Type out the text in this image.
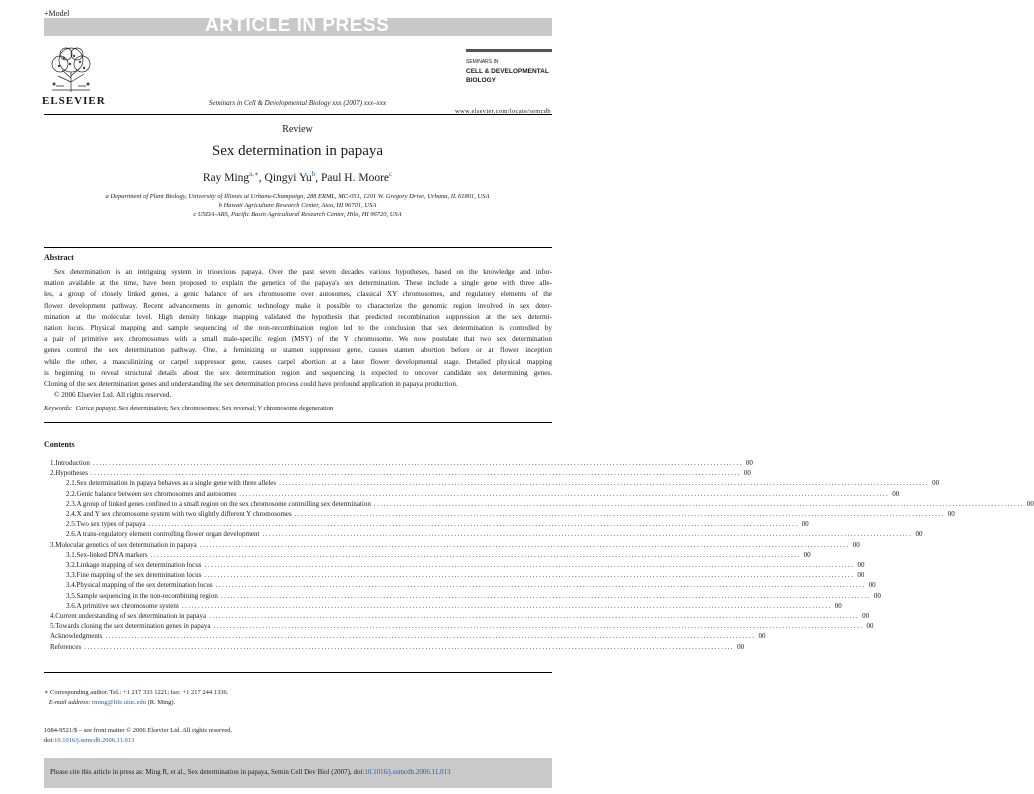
+Model

ARTICLE IN PRESS
ELSEVIER	Seminars in Cell & Developmental Biology xxx (2007) xxx–xxx
SEMINARS IN
CELL & DEVELOPMENTAL
BIOLOGY
www.elsevier.com/locate/semcdb
Review
Sex determination in papaya
Ray Ming$^{a,∗}$, Qingyi Yu$^b$, Paul H. Moore$^c$
a Department of Plant Biology, University of Illinois at Urbana-Champaign, 288 ERML, MC-051, 1201 W. Gregory Drive, Urbana, IL 61801, USA
b Hawaii Agriculture Research Center, Aiea, HI 96701, USA
c USDA-ARS, Pacific Basin Agricultural Research Center, Hilo, HI 96720, USA
Abstract
Sex determination is an intriguing system in trioecious papaya. Over the past seven decades various hypotheses, based on the knowledge and infor-
mation available at the time, have been proposed to explain the genetics of the papaya's sex determination. These include a single gene with three alle-
les, a group of closely linked genes, a genic balance of sex chromosome over autosomes, classical XY chromosomes, and regulatory elements of the
flower development pathway. Recent advancements in genomic technology make it possible to characterize the genomic region involved in sex deter-
mination at the molecular level. High density linkage mapping validated the hypothesis that predicted recombination suppression at the sex determi-
nation locus. Physical mapping and sample sequencing of the non-recombination region led to the conclusion that sex determination is controlled by
a pair of primitive sex chromosomes with a small male-specific region (MSY) of the Y chromosome. We now postulate that two sex determination
genes control the sex determination pathway. One, a feminizing or stamen suppressor gene, causes stamen abortion before or at flower inception
while the other, a masculinizing or carpel suppressor gene, causes carpel abortion at a later flower developmental stage. Detailed physical mapping
is beginning to reveal structural details about the sex determination region and sequencing is expected to uncover candidate sex determining genes.
Cloning of the sex determination genes and understanding the sex determination process could have profound application in papaya production.
© 2006 Elsevier Ltd. All rights reserved.
Keywords: Carica papaya; Sex determination; Sex chromosomes; Sex reversal; Y chromosome degeneration
Contents
1. Introduction ........................................................................................................................................................................................................ 00
2. Hypotheses ........................................................................................................................................................................................................ 00
2.1. Sex determination in papaya behaves as a single gene with three alleles ........................................................................................................................................................................................................ 00
2.2. Genic balance between sex chromosomes and autosomes ........................................................................................................................................................................................................ 00
2.3. A group of linked genes confined to a small region on the sex chromosome controlling sex determination ........................................................................................................................................................................................................ 00
2.4. X and Y sex chromosome system with two slightly different Y chromosomes ........................................................................................................................................................................................................ 00
2.5. Two sex types of papaya ........................................................................................................................................................................................................ 00
2.6. A trans-regulatory element controlling flower organ development ........................................................................................................................................................................................................ 00
3. Molecular genetics of sex determination in papaya ........................................................................................................................................................................................................ 00
3.1. Sex-linked DNA markers ........................................................................................................................................................................................................ 00
3.2. Linkage mapping of sex determination locus ........................................................................................................................................................................................................ 00
3.3. Fine mapping of the sex determination locus ........................................................................................................................................................................................................ 00
3.4. Physical mapping of the sex determination locus ........................................................................................................................................................................................................ 00
3.5. Sample sequencing in the non-recombining region ........................................................................................................................................................................................................ 00
3.6. A primitive sex chromosome system ........................................................................................................................................................................................................ 00
4. Current understanding of sex determination in papaya ........................................................................................................................................................................................................ 00
5. Towards cloning the sex determination genes in papaya ........................................................................................................................................................................................................ 00
Acknowledgments ........................................................................................................................................................................................................ 00
References ........................................................................................................................................................................................................ 00
∗ Corresponding author. Tel.: +1 217 333 1221; fax: +1 217 244 1336.
E-mail address: rming@life.uiuc.edu (R. Ming).
1084-9521/$ – see front matter © 2006 Elsevier Ltd. All rights reserved.
doi:10.1016/j.semcdb.2006.11.013
Please cite this article in press as: Ming R, et al., Sex determination in papaya, Semin Cell Dev Biol (2007), doi:10.1016/j.semcdb.2006.11.013
